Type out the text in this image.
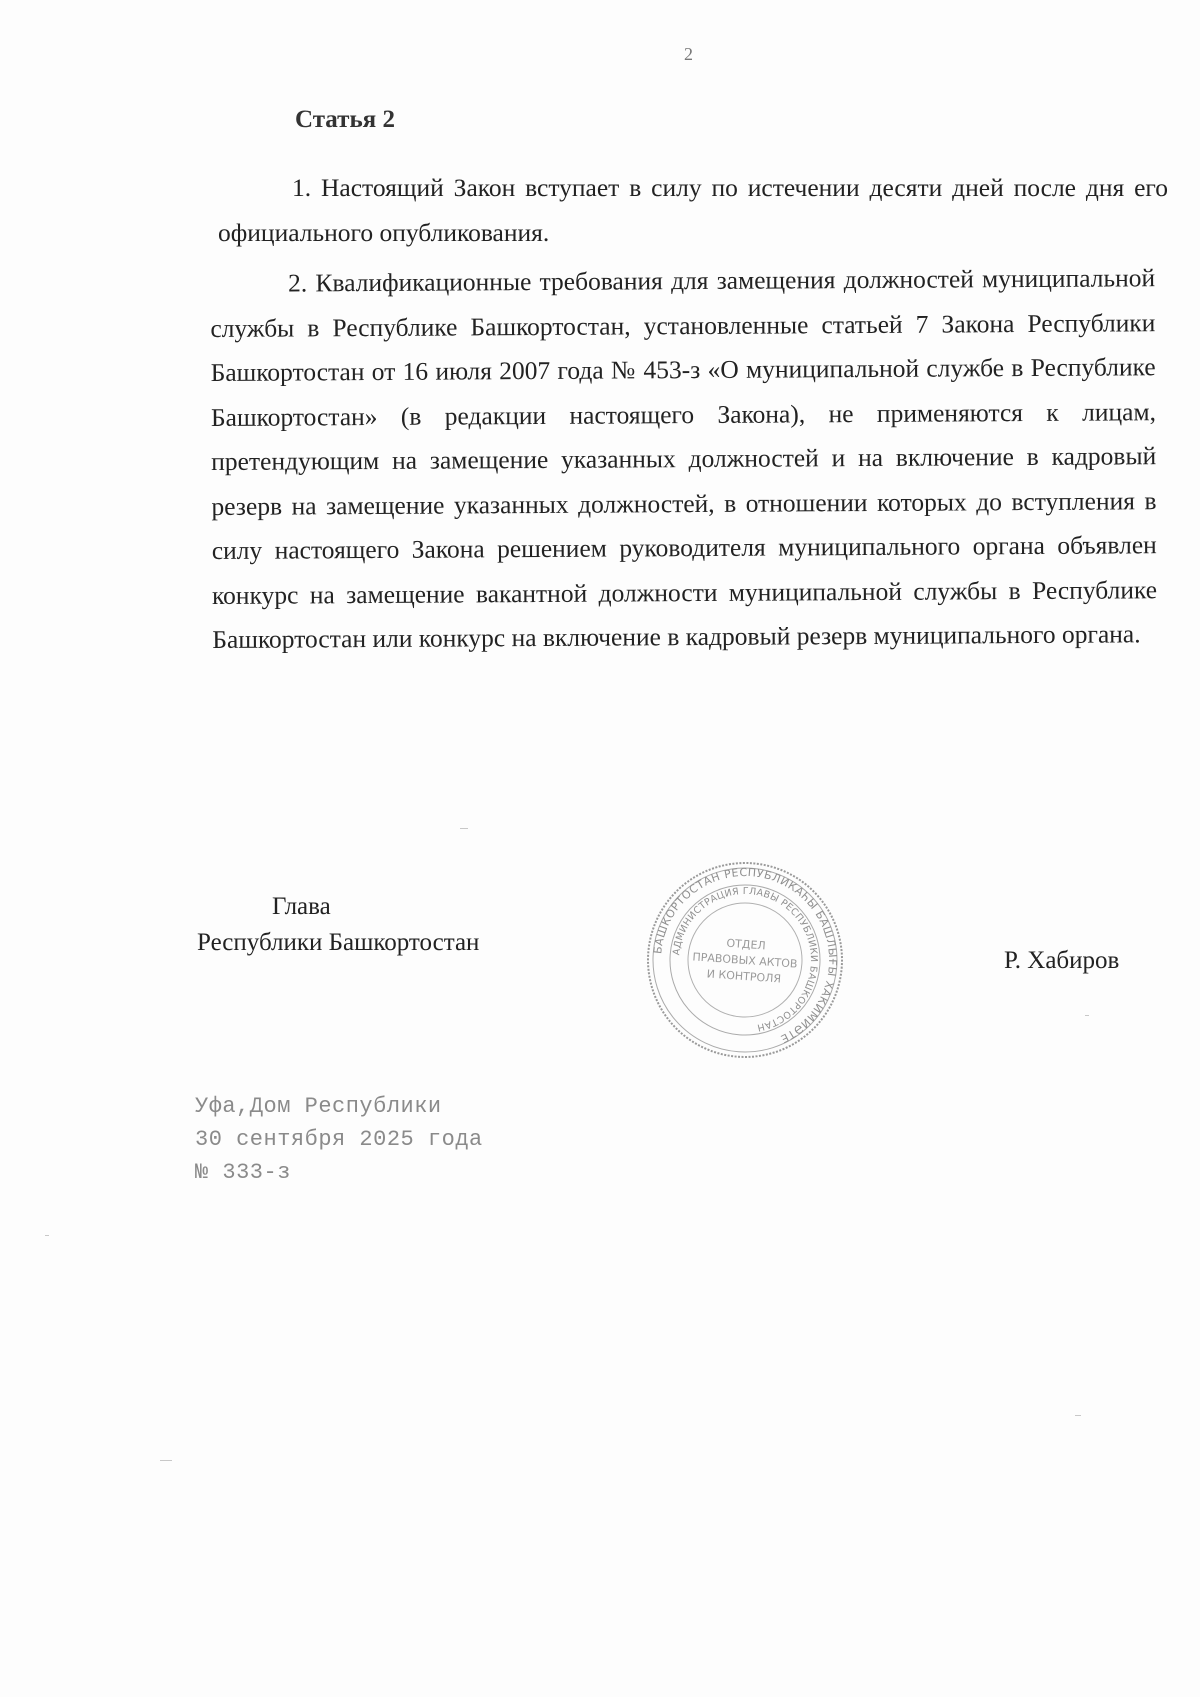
2
Статья 2
1. Настоящий Закон вступает в силу по истечении десяти дней после дня его официального опубликования.
2. Квалификационные требования для замещения должностей муниципальной службы в Республике Башкортостан, установленные статьей 7 Закона Республики Башкортостан от 16 июля 2007 года № 453-з «О муниципальной службе в Республике Башкортостан» (в редакции настоящего Закона), не применяются к лицам, претендующим на замещение указанных должностей и на включение в кадровый резерв на замещение указанных должностей, в отношении которых до вступления в силу настоящего Закона решением руководителя муниципального органа объявлен конкурс на замещение вакантной должности муниципальной службы в Республике Башкортостан или конкурс на включение в кадровый резерв муниципального органа.
Глава
Республики Башкортостан
Р. Хабиров
БАШКОРТОСТАН РЕСПУБЛИКАҺЫ БАШЛЫҒЫ ХАКИМИӘТЕ
АДМИНИСТРАЦИЯ ГЛАВЫ РЕСПУБЛИКИ БАШКОРТОСТАН
ОТДЕЛ
ПРАВОВЫХ АКТОВ
И КОНТРОЛЯ
Уфа,Дом Республики
30 сентября 2025 года
№ 333-з
